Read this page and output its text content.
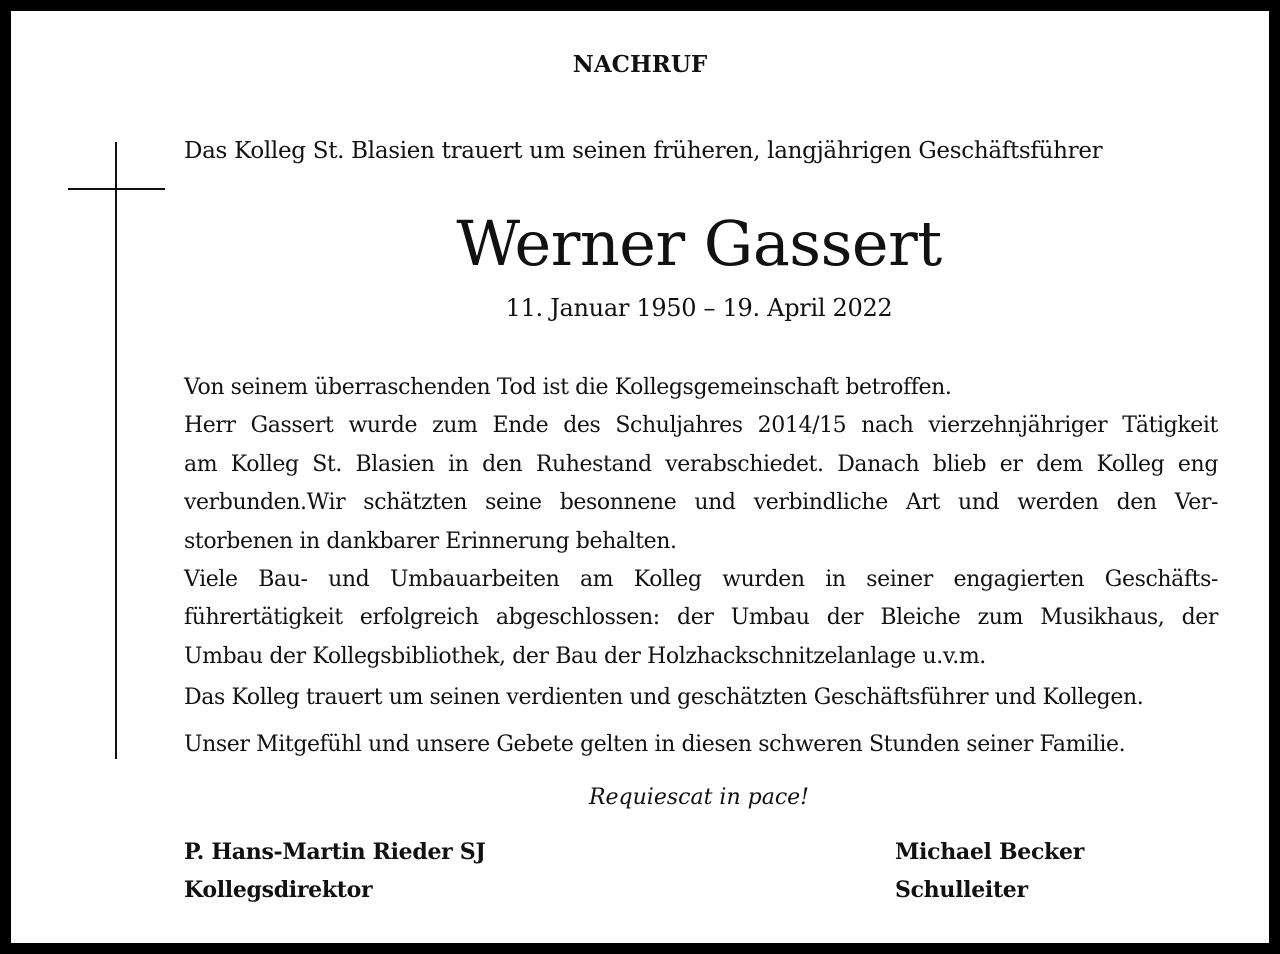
NACHRUF
Das Kolleg St. Blasien trauert um seinen früheren, langjährigen Geschäftsführer
Werner Gassert
11. Januar 1950 – 19. April 2022

Von seinem überraschenden Tod ist die Kollegsgemeinschaft betroffen.

Herr Gassert wurde zum Ende des Schuljahres 2014/15 nach vierzehnjähriger Tätigkeit

am Kolleg St. Blasien in den Ruhestand verabschiedet. Danach blieb er dem Kolleg eng

verbunden.Wir schätzten seine besonnene und verbindliche Art und werden den Ver-

storbenen in dankbarer Erinnerung behalten.

Viele Bau- und Umbauarbeiten am Kolleg wurden in seiner engagierten Geschäfts-

führertätigkeit erfolgreich abgeschlossen: der Umbau der Bleiche zum Musikhaus, der

Umbau der Kollegsbibliothek, der Bau der Holzhackschnitzelanlage u.v.m.

Das Kolleg trauert um seinen verdienten und geschätzten Geschäftsführer und Kollegen.
Unser Mitgefühl und unsere Gebete gelten in diesen schweren Stunden seiner Familie.
Requiescat in pace!
P. Hans-Martin Rieder SJ
Kollegsdirektor
Michael Becker
Schulleiter
